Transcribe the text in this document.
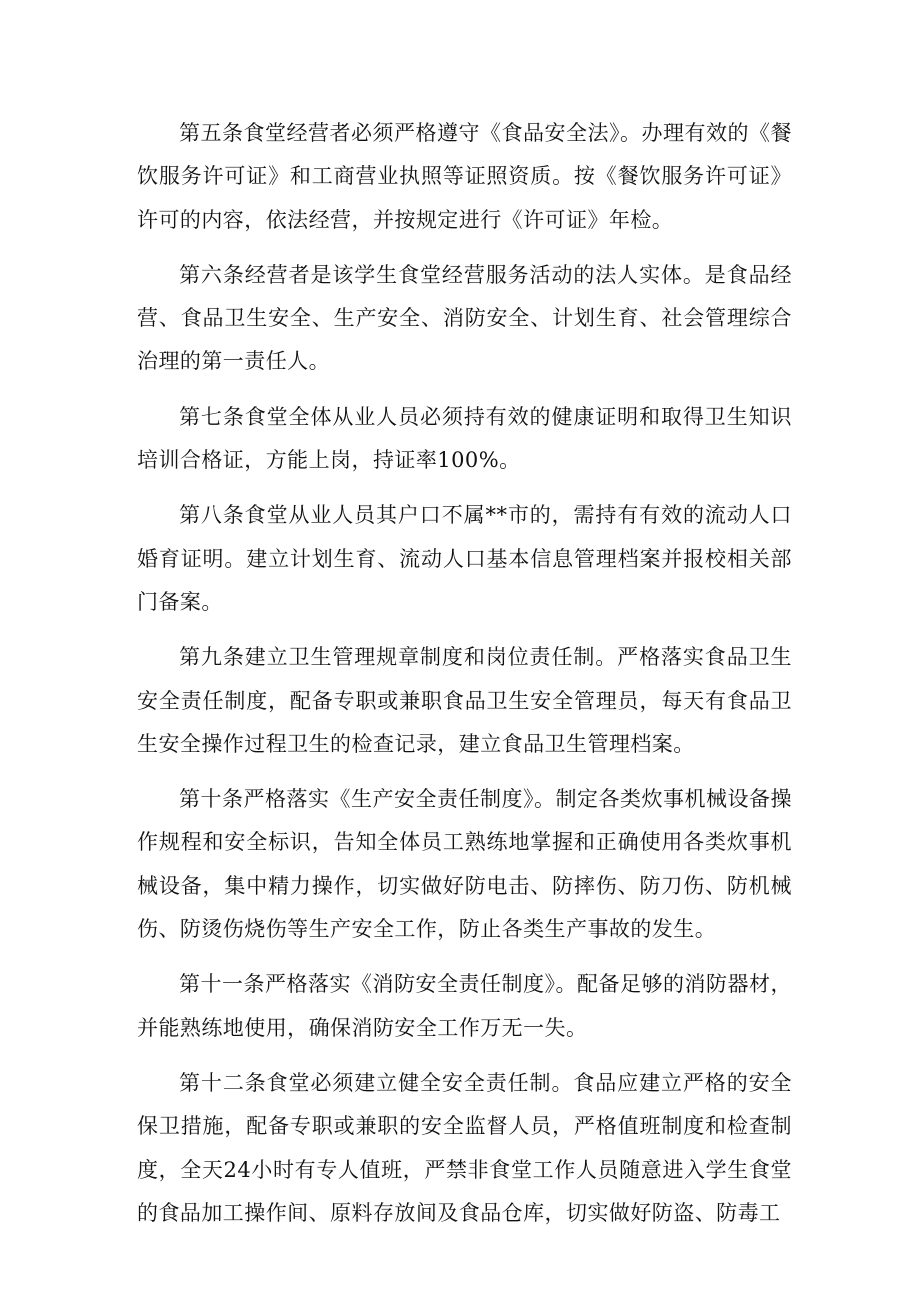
第五条食堂经营者必须严格遵守《食品安全法》。办理有效的《餐饮服务许可证》和工商营业执照等证照资质。按《餐饮服务许可证》许可的内容，依法经营，并按规定进行《许可证》年检。

第六条经营者是该学生食堂经营服务活动的法人实体。是食品经营、食品卫生安全、生产安全、消防安全、计划生育、社会管理综合治理的第一责任人。

第七条食堂全体从业人员必须持有效的健康证明和取得卫生知识培训合格证，方能上岗，持证率100%。

第八条食堂从业人员其户口不属**市的，需持有有效的流动人口婚育证明。建立计划生育、流动人口基本信息管理档案并报校相关部门备案。

第九条建立卫生管理规章制度和岗位责任制。严格落实食品卫生安全责任制度，配备专职或兼职食品卫生安全管理员，每天有食品卫生安全操作过程卫生的检查记录，建立食品卫生管理档案。

第十条严格落实《生产安全责任制度》。制定各类炊事机械设备操作规程和安全标识，告知全体员工熟练地掌握和正确使用各类炊事机械设备，集中精力操作，切实做好防电击、防摔伤、防刀伤、防机械伤、防烫伤烧伤等生产安全工作，防止各类生产事故的发生。

第十一条严格落实《消防安全责任制度》。配备足够的消防器材，并能熟练地使用，确保消防安全工作万无一失。

第十二条食堂必须建立健全安全责任制。食品应建立严格的安全保卫措施，配备专职或兼职的安全监督人员，严格值班制度和检查制度，全天24小时有专人值班，严禁非食堂工作人员随意进入学生食堂的食品加工操作间、原料存放间及食品仓库，切实做好防盗、防毒工
